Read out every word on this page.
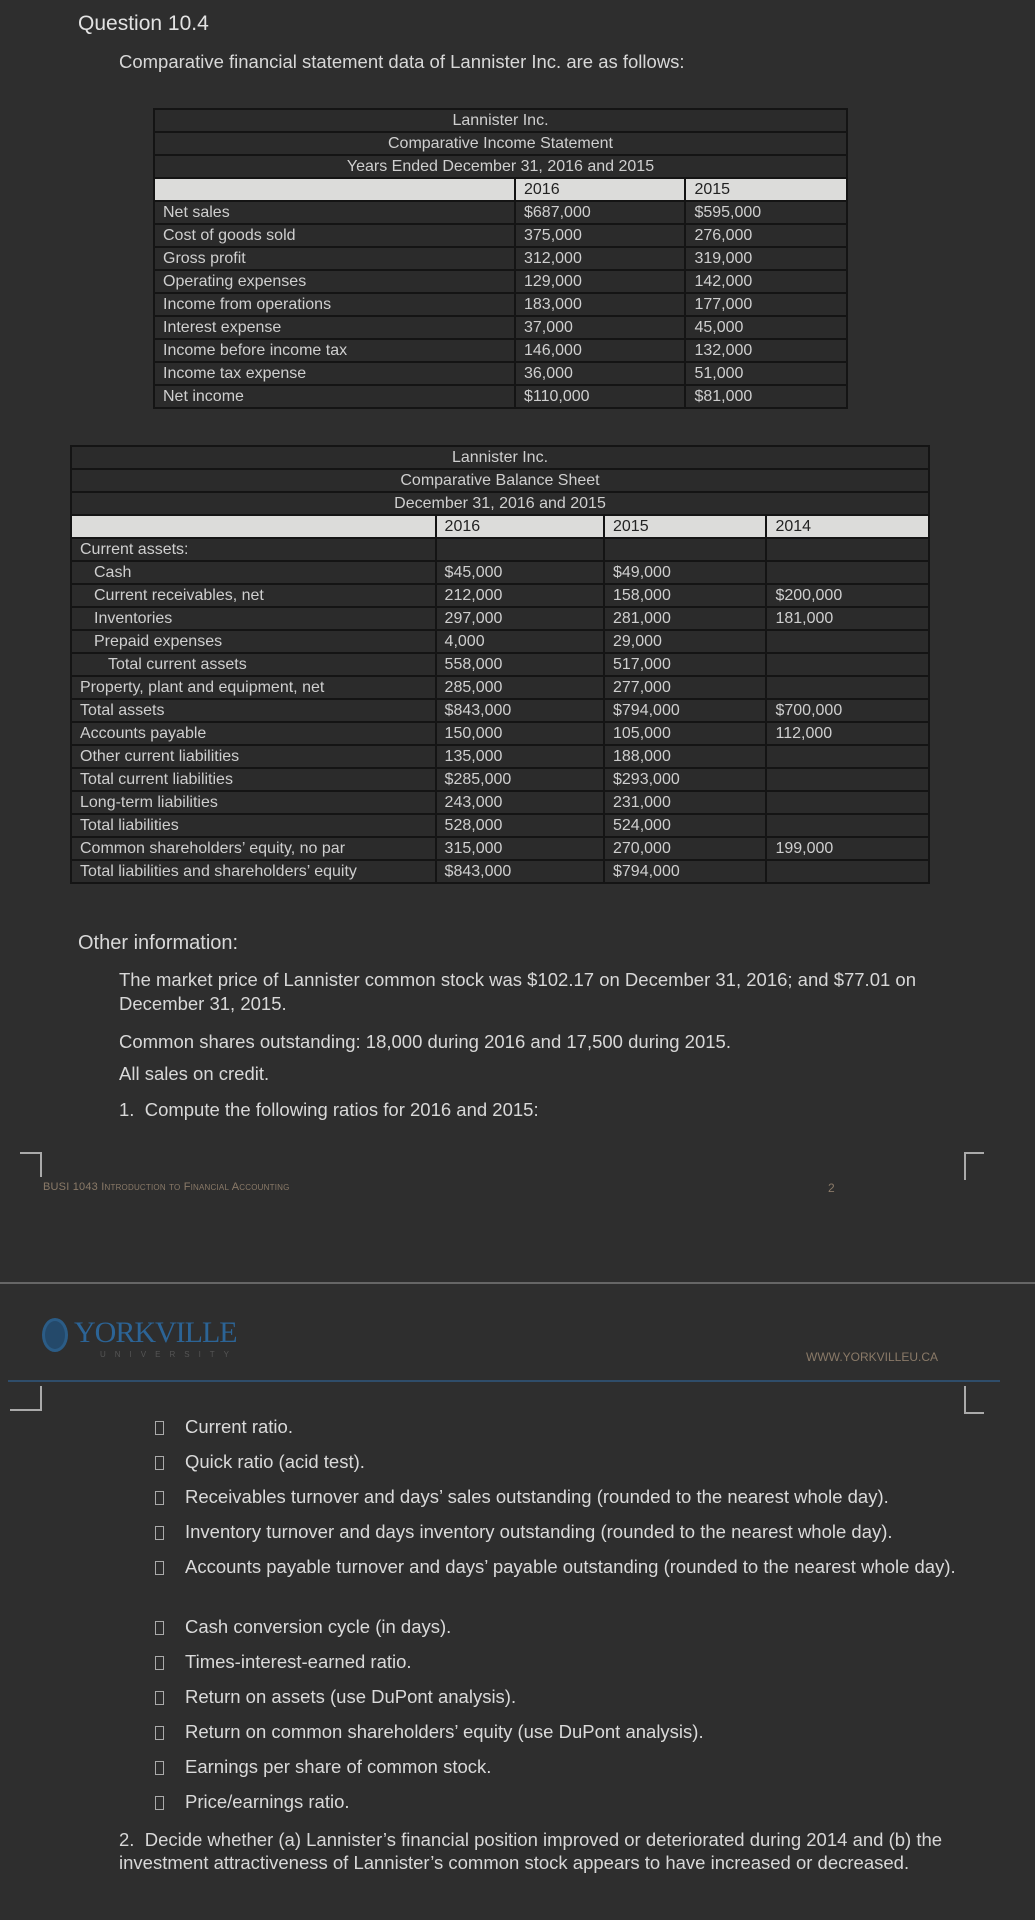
Question 10.4
Comparative financial statement data of Lannister Inc. are as follows:
Lannister Inc.		
Comparative Income Statement		
Years Ended December 31, 2016 and 2015		
	2016	2015
Net sales	$687,000	$595,000
Cost of goods sold	375,000	276,000
Gross profit	312,000	319,000
Operating expenses	129,000	142,000
Income from operations	183,000	177,000
Interest expense	37,000	45,000
Income before income tax	146,000	132,000
Income tax expense	36,000	51,000
Net income	$110,000	$81,000
Lannister Inc.			
Comparative Balance Sheet			
December 31, 2016 and 2015			
	2016	2015	2014
Current assets:			
Cash	$45,000	$49,000	
Current receivables, net	212,000	158,000	$200,000
Inventories	297,000	281,000	181,000
Prepaid expenses	4,000	29,000	
Total current assets	558,000	517,000	
Property, plant and equipment, net	285,000	277,000	
Total assets	$843,000	$794,000	$700,000
Accounts payable	150,000	105,000	112,000
Other current liabilities	135,000	188,000	
Total current liabilities	$285,000	$293,000	
Long-term liabilities	243,000	231,000	
Total liabilities	528,000	524,000	
Common shareholders’ equity, no par	315,000	270,000	199,000
Total liabilities and shareholders’ equity	$843,000	$794,000	
Other information:
The market price of Lannister common stock was $102.17 on December 31, 2016; and $77.01 on December 31, 2015.
Common shares outstanding: 18,000 during 2016 and 17,500 during 2015.
All sales on credit.
1.  Compute the following ratios for 2016 and 2015:
BUSI 1043 Introduction to Financial Accounting	2
YORKVILLE
UNIVERSITY	WWW.YORKVILLEU.CA
Current ratio.
Quick ratio (acid test).
Receivables turnover and days’ sales outstanding (rounded to the nearest whole day).
Inventory turnover and days inventory outstanding (rounded to the nearest whole day).
Accounts payable turnover and days’ payable outstanding (rounded to the nearest whole day).
Cash conversion cycle (in days).
Times-interest-earned ratio.
Return on assets (use DuPont analysis).
Return on common shareholders’ equity (use DuPont analysis).
Earnings per share of common stock.
Price/earnings ratio.
2.  Decide whether (a) Lannister’s financial position improved or deteriorated during 2014 and (b) the investment attractiveness of Lannister’s common stock appears to have increased or decreased.
